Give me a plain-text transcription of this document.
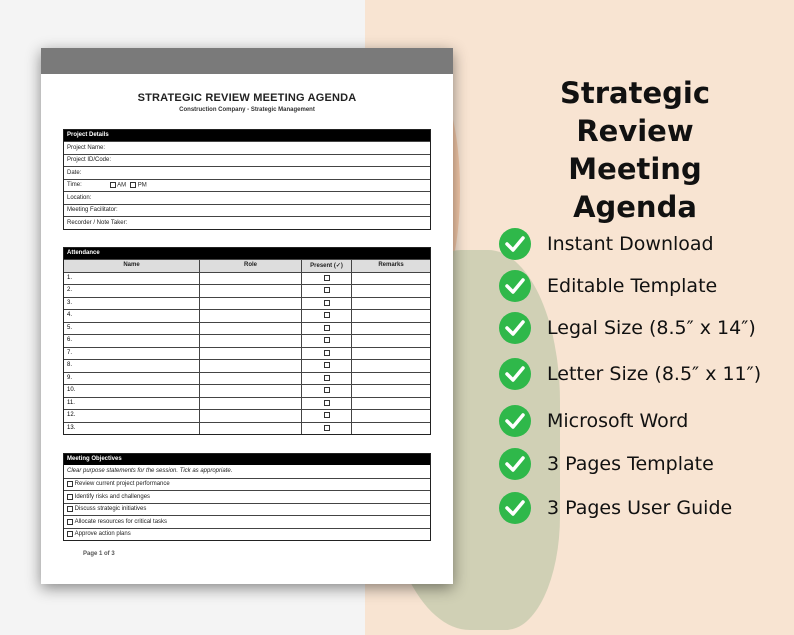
STRATEGIC REVIEW MEETING AGENDA
Construction Company - Strategic Management
Project Details
Project Name:
Project ID/Code:
Date:
Time:	AM	PM
Location:
Meeting Facilitator:
Recorder / Note Taker:
Attendance
Name	Role	Present (✓)	Remarks
1.
2.
3.
4.
5.
6.
7.
8.
9.
10.
11.
12.
13.
Meeting Objectives
Clear purpose statements for the session. Tick as appropriate.

Review current project performance

Identify risks and challenges

Discuss strategic initiatives

Allocate resources for critical tasks

Approve action plans
Page 1 of 3
Strategic Review
Meeting Agenda
Instant Download
Editable Template
Legal Size (8.5″ x 14″)
Letter Size (8.5″ x 11″)
Microsoft Word
3 Pages Template
3 Pages User Guide
